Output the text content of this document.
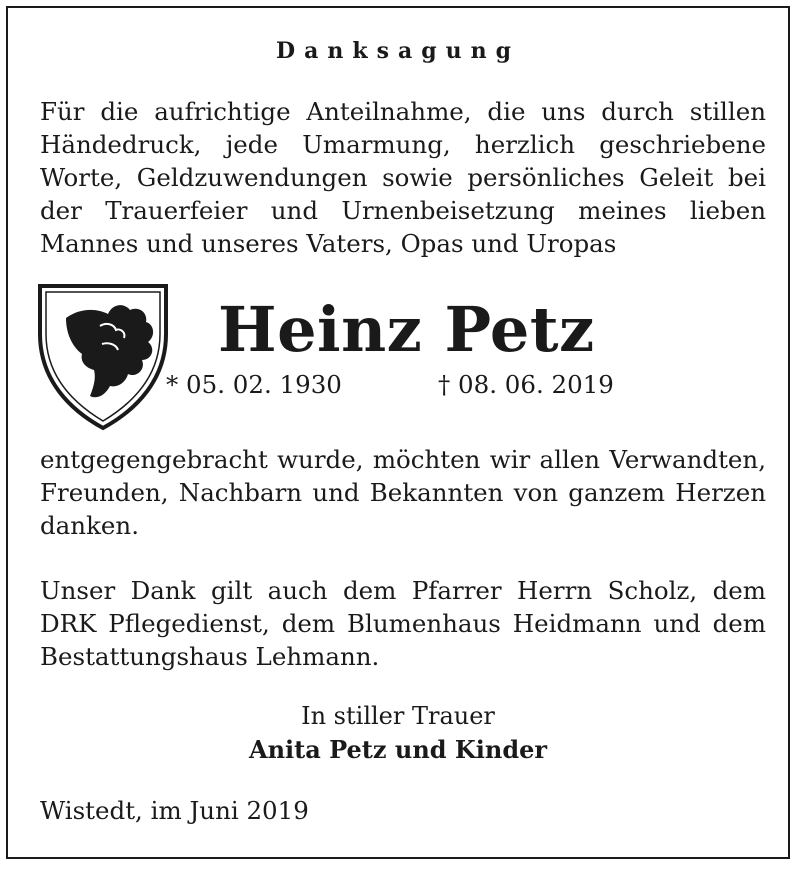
Danksagung
Für die aufrichtige Anteilnahme, die uns durch stillen Händedruck, jede Umarmung, herzlich geschriebene Worte, Geldzuwendungen sowie persönliches Geleit bei der Trauerfeier und Urnenbeisetzung meines lieben Mannes und unseres Vaters, Opas und Uropas
Heinz Petz
* 05. 02. 1930	† 08. 06. 2019
entgegengebracht wurde, möchten wir allen Verwandten, Freunden, Nachbarn und Bekannten von ganzem Herzen danken.
Unser Dank gilt auch dem Pfarrer Herrn Scholz, dem DRK Pflegedienst, dem Blumenhaus Heidmann und dem Bestattungshaus Lehmann.
In stiller Trauer
Anita Petz und Kinder
Wistedt, im Juni 2019
